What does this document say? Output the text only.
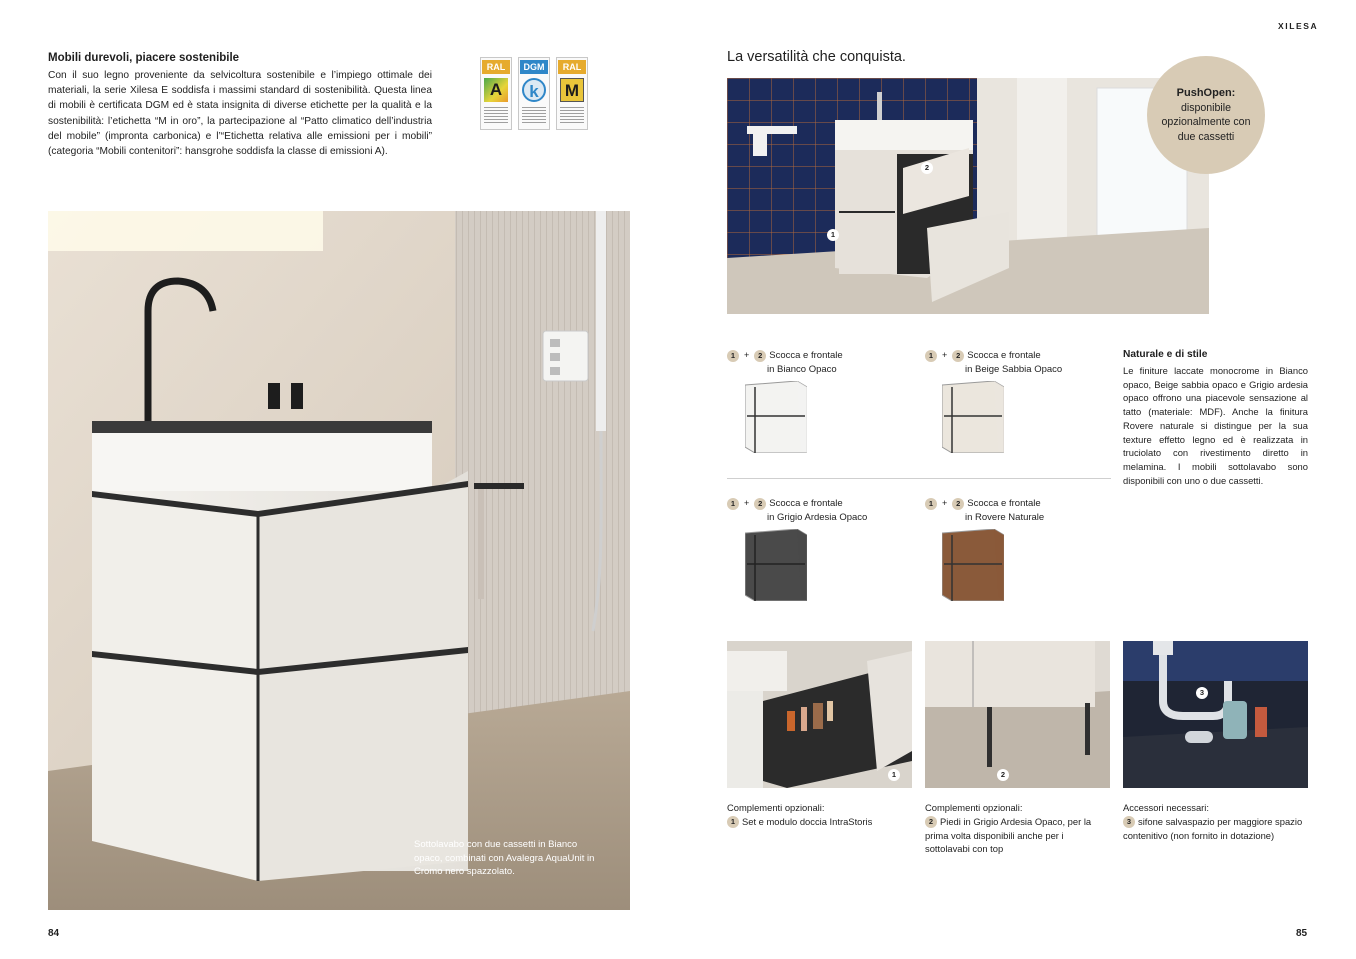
Mobili durevoli, piacere sostenibile
Con il suo legno proveniente da selvicoltura sostenibile e l’impiego ottimale dei materiali, la serie Xilesa E soddisfa i massimi standard di sostenibilità. Questa linea di mobili è certificata DGM ed è stata insignita di diverse etichette per la qualità e la sostenibilità: l’etichetta “M in oro”, la partecipazione al “Patto climatico dell’industria del mobile” (impronta carbonica) e l’“Etichetta relativa alle emissioni per i mobili” (categoria “Mobili contenitori”: hansgrohe soddisfa la classe di emissioni A).
RAL
A
DGM
k
RAL
M
Sottolavabo con due cassetti in Bianco opaco, combinati con Avalegra AquaUnit in Cromo nero spazzolato.
84
XILESA
La versatilità che conquista.
2
1
PushOpen:
disponibile opzionalmente con due cassetti
1 +	2 Scocca e frontale
in Bianco Opaco
1 +	2 Scocca e frontale
in Beige Sabbia Opaco
1 +	2 Scocca e frontale
in Grigio Ardesia Opaco
1 +	2 Scocca e frontale
in Rovere Naturale
Naturale e di stile
Le finiture laccate monocrome in Bianco opaco, Beige sabbia opaco e Grigio ardesia opaco offrono una piacevole sensazione al tatto (materiale: MDF). Anche la finitura Rovere naturale si distingue per la sua texture effetto legno ed è realizzata in truciolato con rivestimento diretto in melamina. I mobili sottolavabo sono disponibili con uno o due cassetti.
1	2
3
Complementi opzionali:
1 Set e modulo doccia IntraStoris
Complementi opzionali:
2 Piedi in Grigio Ardesia Opaco, per la prima volta disponibili anche per i sottolavabi con top
Accessori necessari:
3 sifone salvaspazio per maggiore spazio contenitivo (non fornito in dotazione)
85
